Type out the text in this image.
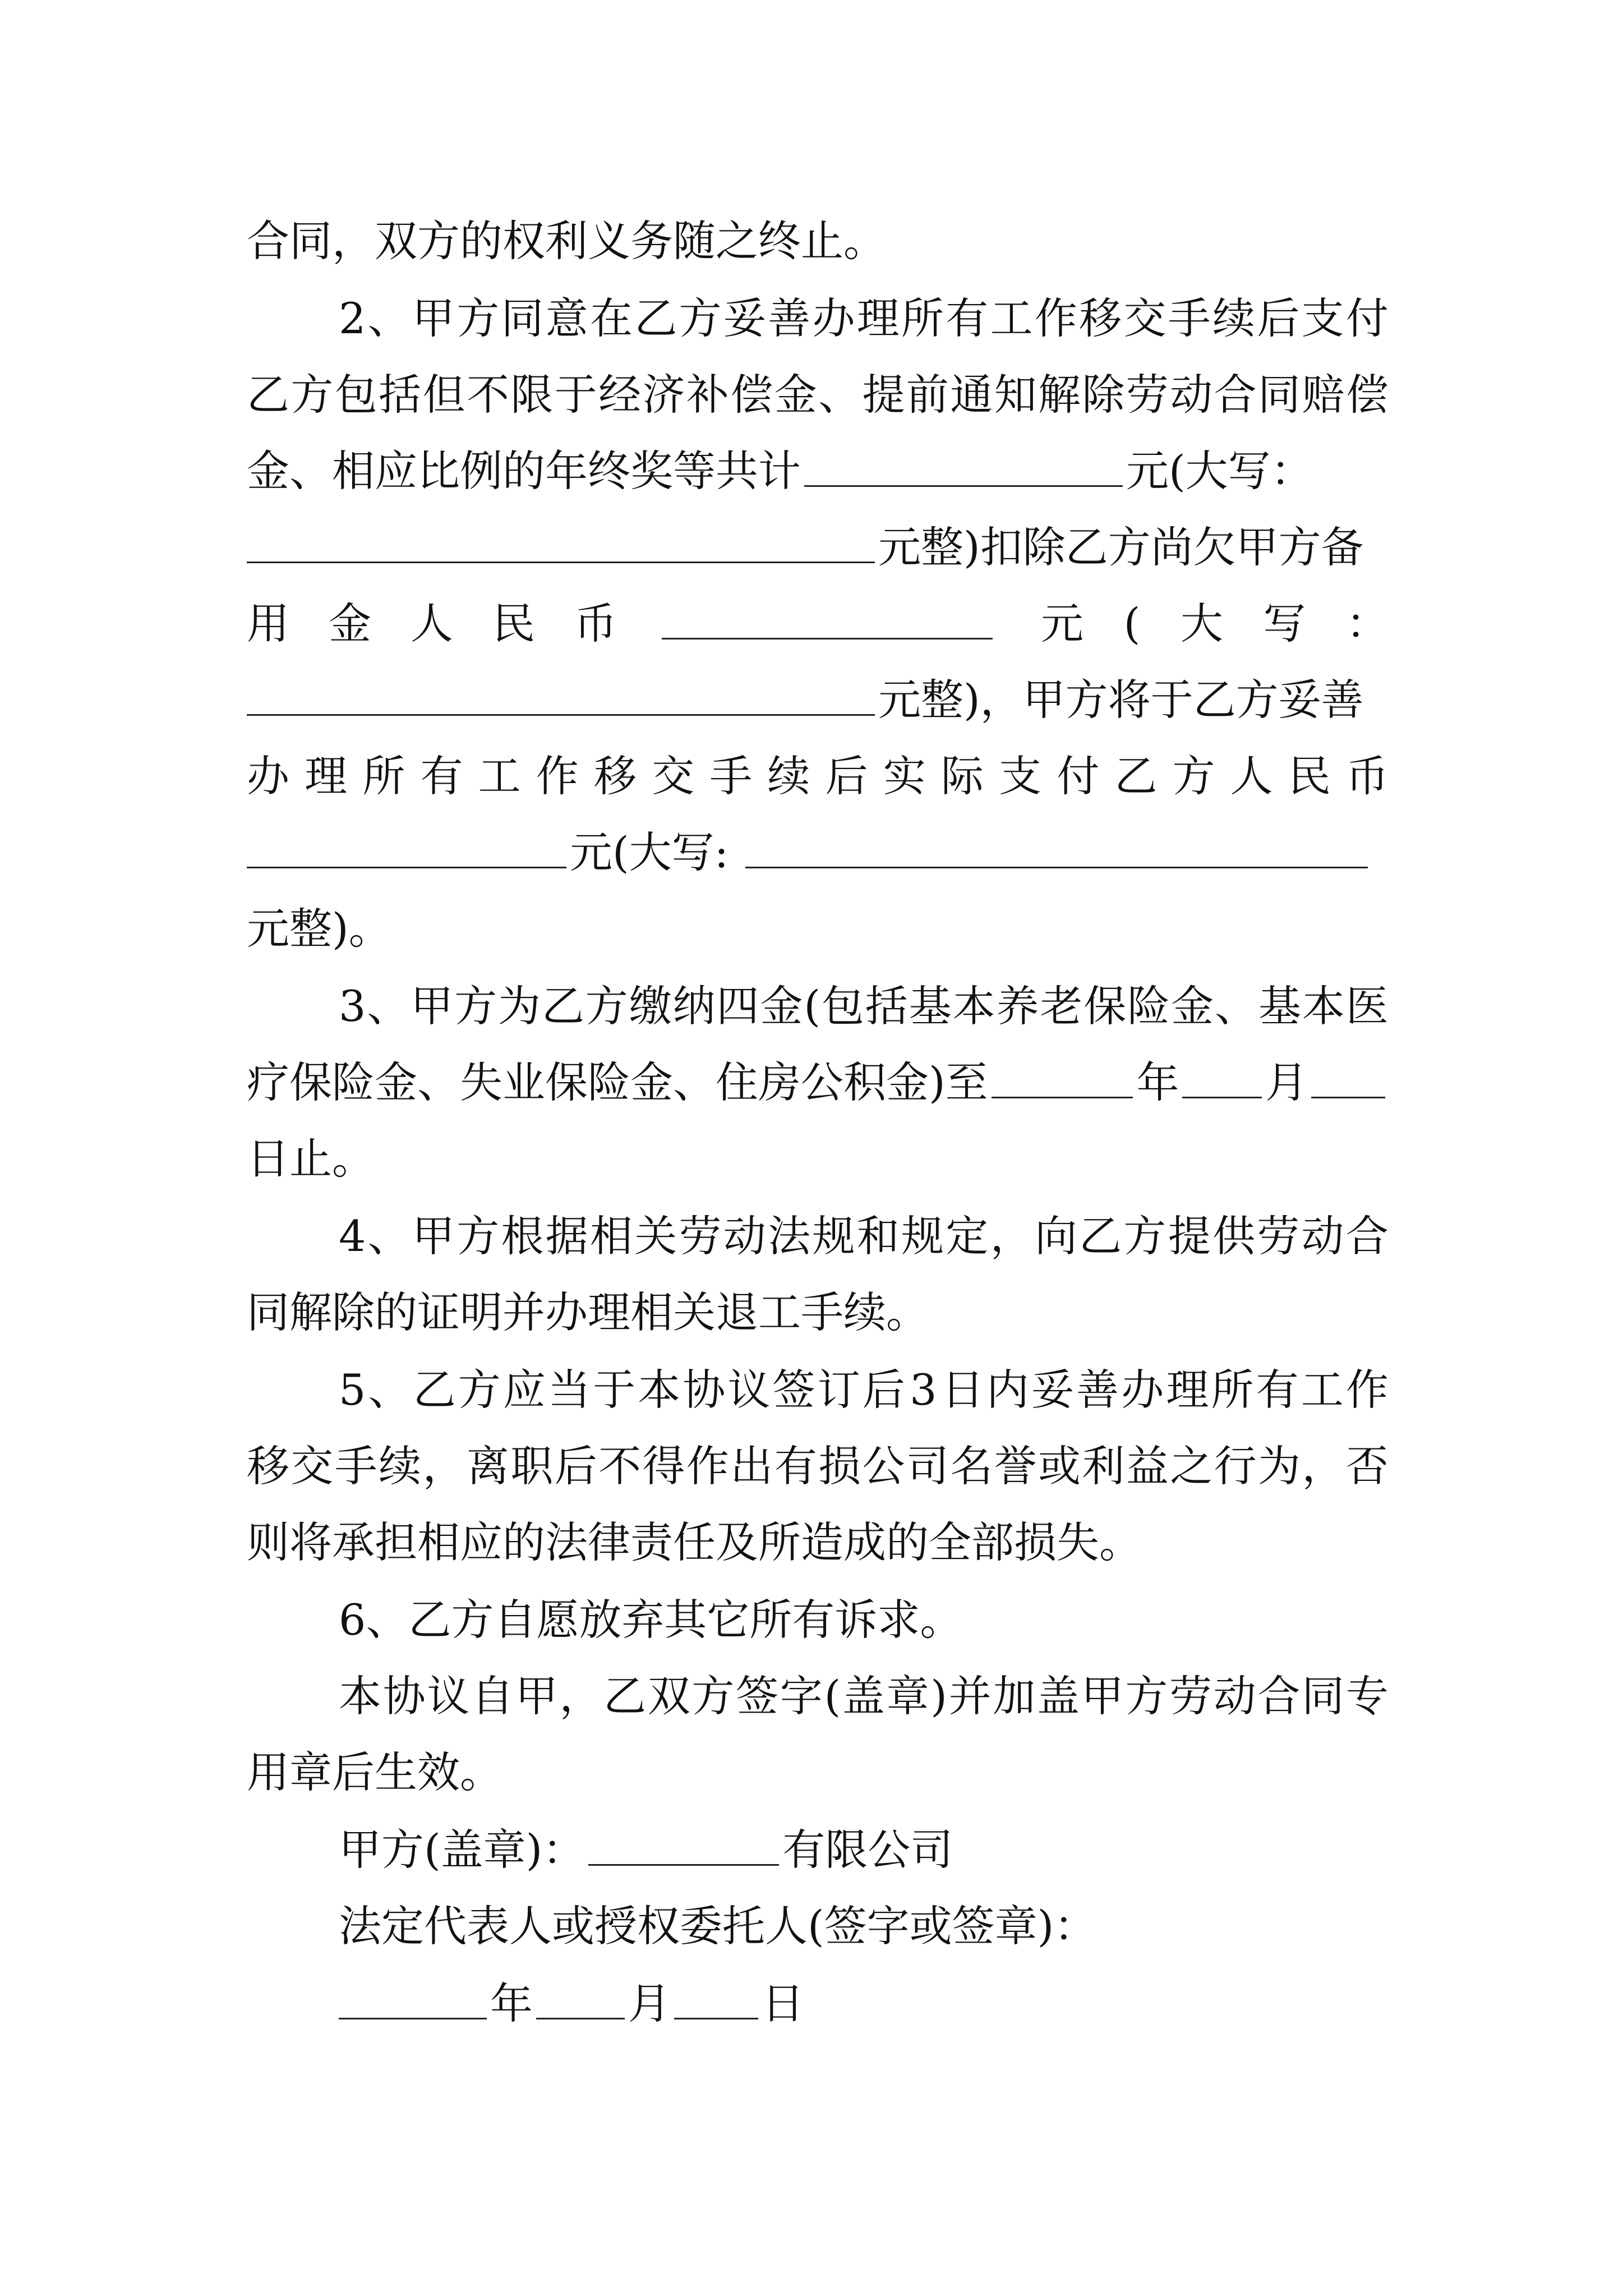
合同，双方的权利义务随之终止。
2 、 甲 方 同 意 在 乙 方 妥 善 办 理 所 有 工 作 移 交 手 续 后 支 付
乙 方 包 括 但 不 限 于 经 济 补 偿 金 、 提 前 通 知 解 除 劳 动 合 同 赔 偿
金、相应比例的年终奖等共计	元(大写：
元整)扣除乙方尚欠甲方备
用 金 人 民 币	元 ( 大 写 ：
元整)，甲方将于乙方妥善
办 理 所 有 工 作 移 交 手 续 后 实 际 支 付 乙 方 人 民 币
元(大写:
元整)。
3 、 甲 方 为 乙 方 缴 纳 四 金 ( 包 括 基 本 养 老 保 险 金 、 基 本 医
疗保险金、失业保险金、住房公积金)至	年 月
日止。
4 、 甲 方 根 据 相 关 劳 动 法 规 和 规 定 ， 向 乙 方 提 供 劳 动 合
同解除的证明并办理相关退工手续。
5 、 乙 方 应 当 于 本 协 议 签 订 后 3 日 内 妥 善 办 理 所 有 工 作
移 交 手 续 ， 离 职 后 不 得 作 出 有 损 公 司 名 誉 或 利 益 之 行 为 ， 否
则将承担相应的法律责任及所造成的全部损失。
6、乙方自愿放弃其它所有诉求。
本 协 议 自 甲 ， 乙 双 方 签 字 ( 盖 章 ) 并 加 盖 甲 方 劳 动 合 同 专
用章后生效。
甲方(盖章)：	有限公司
法定代表人或授权委托人(签字或签章)：
年 月 日
